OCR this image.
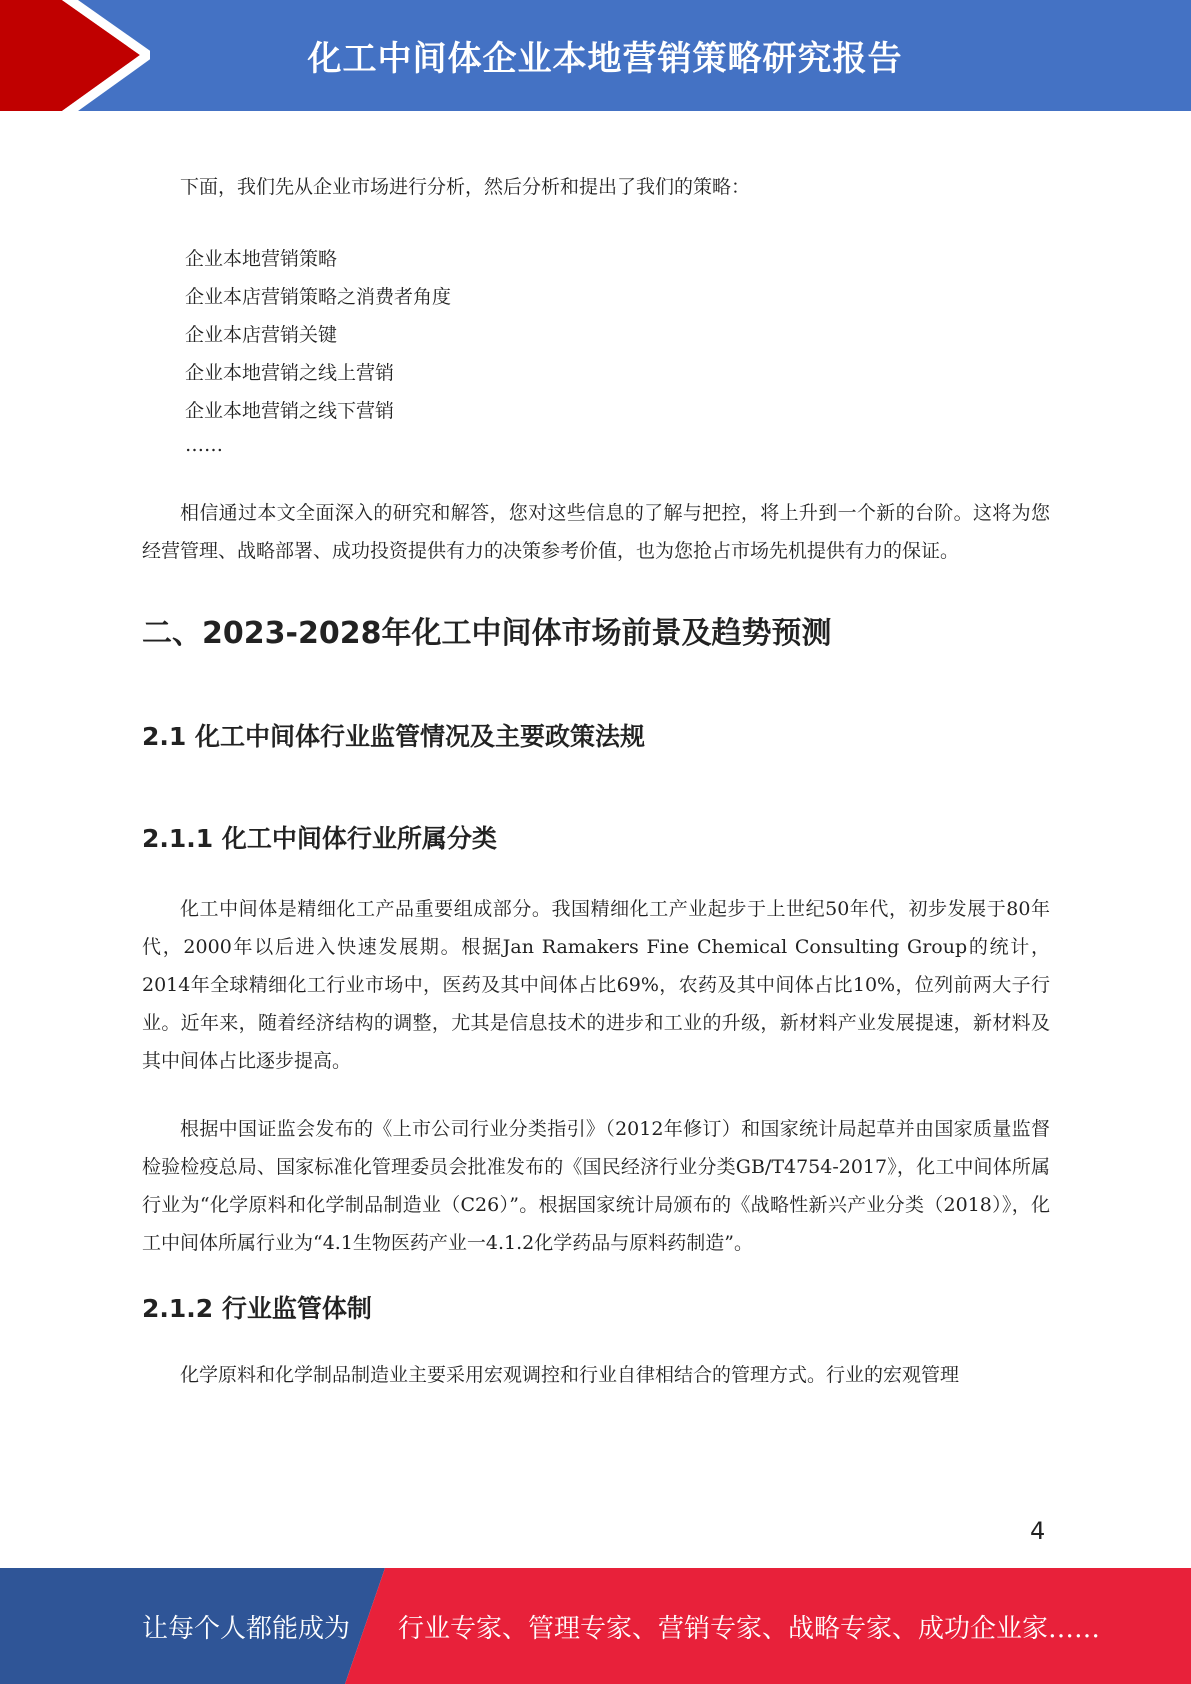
化工中间体企业本地营销策略研究报告

下面，我们先从企业市场进行分析，然后分析和提出了我们的策略：

企业本地营销策略
企业本店营销策略之消费者角度
企业本店营销关键
企业本地营销之线上营销
企业本地营销之线下营销
……

相信通过本文全面深入的研究和解答，您对这些信息的了解与把控，将上升到一个新的台阶。这将为您经营管理、战略部署、成功投资提供有力的决策参考价值，也为您抢占市场先机提供有力的保证。

二、2023-2028年化工中间体市场前景及趋势预测
2.1 化工中间体行业监管情况及主要政策法规
2.1.1 化工中间体行业所属分类

化工中间体是精细化工产品重要组成部分。我国精细化工产业起步于上世纪50年代，初步发展于80年代，2000年以后进入快速发展期。根据Jan Ramakers Fine Chemical Consulting Group的统计，2014年全球精细化工行业市场中，医药及其中间体占比69%，农药及其中间体占比10%，位列前两大子行业。近年来，随着经济结构的调整，尤其是信息技术的进步和工业的升级，新材料产业发展提速，新材料及其中间体占比逐步提高。

根据中国证监会发布的《上市公司行业分类指引》（2012年修订）和国家统计局起草并由国家质量监督检验检疫总局、国家标准化管理委员会批准发布的《国民经济行业分类GB/T4754-2017》，化工中间体所属行业为“化学原料和化学制品制造业（C26）”。根据国家统计局颁布的《战略性新兴产业分类（2018）》，化工中间体所属行业为“4.1生物医药产业一4.1.2化学药品与原料药制造”。

2.1.2 行业监管体制

化学原料和化学制品制造业主要采用宏观调控和行业自律相结合的管理方式。行业的宏观管理

4
让每个人都能成为 行业专家、管理专家、营销专家、战略专家、成功企业家……
